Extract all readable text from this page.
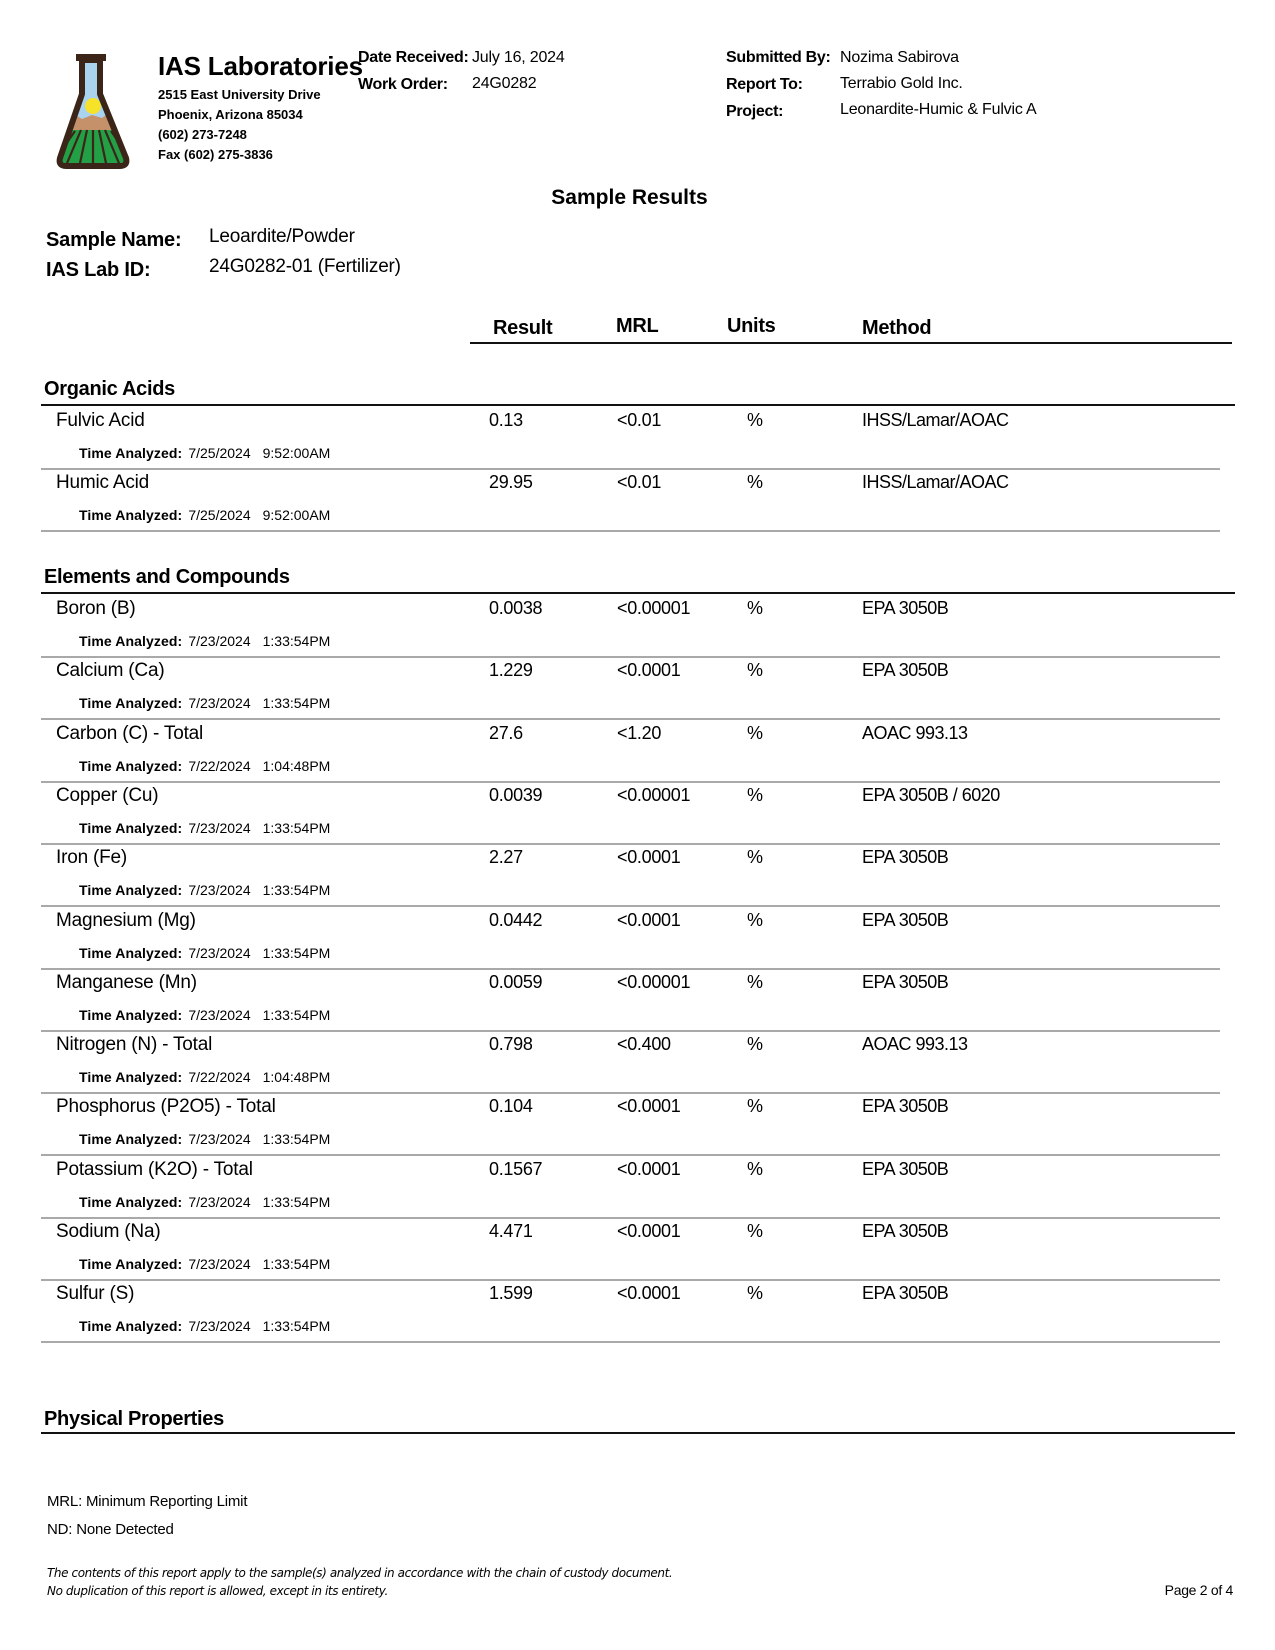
IAS Laboratories
2515 East University Drive
Phoenix, Arizona 85034
(602) 273-7248
Fax (602) 275-3836
Date Received: July 16, 2024
Work Order: 24G0282
Submitted By: Nozima Sabirova
Report To: Terrabio Gold Inc.
Project:	Leonardite-Humic & Fulvic A
Sample Results
Sample Name: Leoardite/Powder
IAS Lab ID:	24G0282-01 (Fertilizer)
Result	MRL	Units	Method
Organic Acids
Fulvic Acid	0.13	<0.01	%	IHSS/Lamar/AOAC
Time Analyzed: 7/25/2024 9:52:00AM
Humic Acid	29.95	<0.01	%	IHSS/Lamar/AOAC
Time Analyzed: 7/25/2024 9:52:00AM
Elements and Compounds
Boron (B)	0.0038	<0.00001	%	EPA 3050B
Time Analyzed: 7/23/2024 1:33:54PM
Calcium (Ca)	1.229	<0.0001	%	EPA 3050B
Time Analyzed: 7/23/2024 1:33:54PM
Carbon (C) - Total	27.6	<1.20	%	AOAC 993.13
Time Analyzed: 7/22/2024 1:04:48PM
Copper (Cu)	0.0039	<0.00001	%	EPA 3050B / 6020
Time Analyzed: 7/23/2024 1:33:54PM
Iron (Fe)	2.27	<0.0001	%	EPA 3050B
Time Analyzed: 7/23/2024 1:33:54PM
Magnesium (Mg)	0.0442	<0.0001	%	EPA 3050B
Time Analyzed: 7/23/2024 1:33:54PM
Manganese (Mn)	0.0059	<0.00001	%	EPA 3050B
Time Analyzed: 7/23/2024 1:33:54PM
Nitrogen (N) - Total	0.798	<0.400	%	AOAC 993.13
Time Analyzed: 7/22/2024 1:04:48PM
Phosphorus (P2O5) - Total	0.104	<0.0001	%	EPA 3050B
Time Analyzed: 7/23/2024 1:33:54PM
Potassium (K2O) - Total	0.1567	<0.0001	%	EPA 3050B
Time Analyzed: 7/23/2024 1:33:54PM
Sodium (Na)	4.471	<0.0001	%	EPA 3050B
Time Analyzed: 7/23/2024 1:33:54PM
Sulfur (S)	1.599	<0.0001	%	EPA 3050B
Time Analyzed: 7/23/2024 1:33:54PM
Physical Properties
MRL: Minimum Reporting Limit
ND: None Detected
The contents of this report apply to the sample(s) analyzed in accordance with the chain of custody document.
No duplication of this report is allowed, except in its entirety.	Page 2 of 4
